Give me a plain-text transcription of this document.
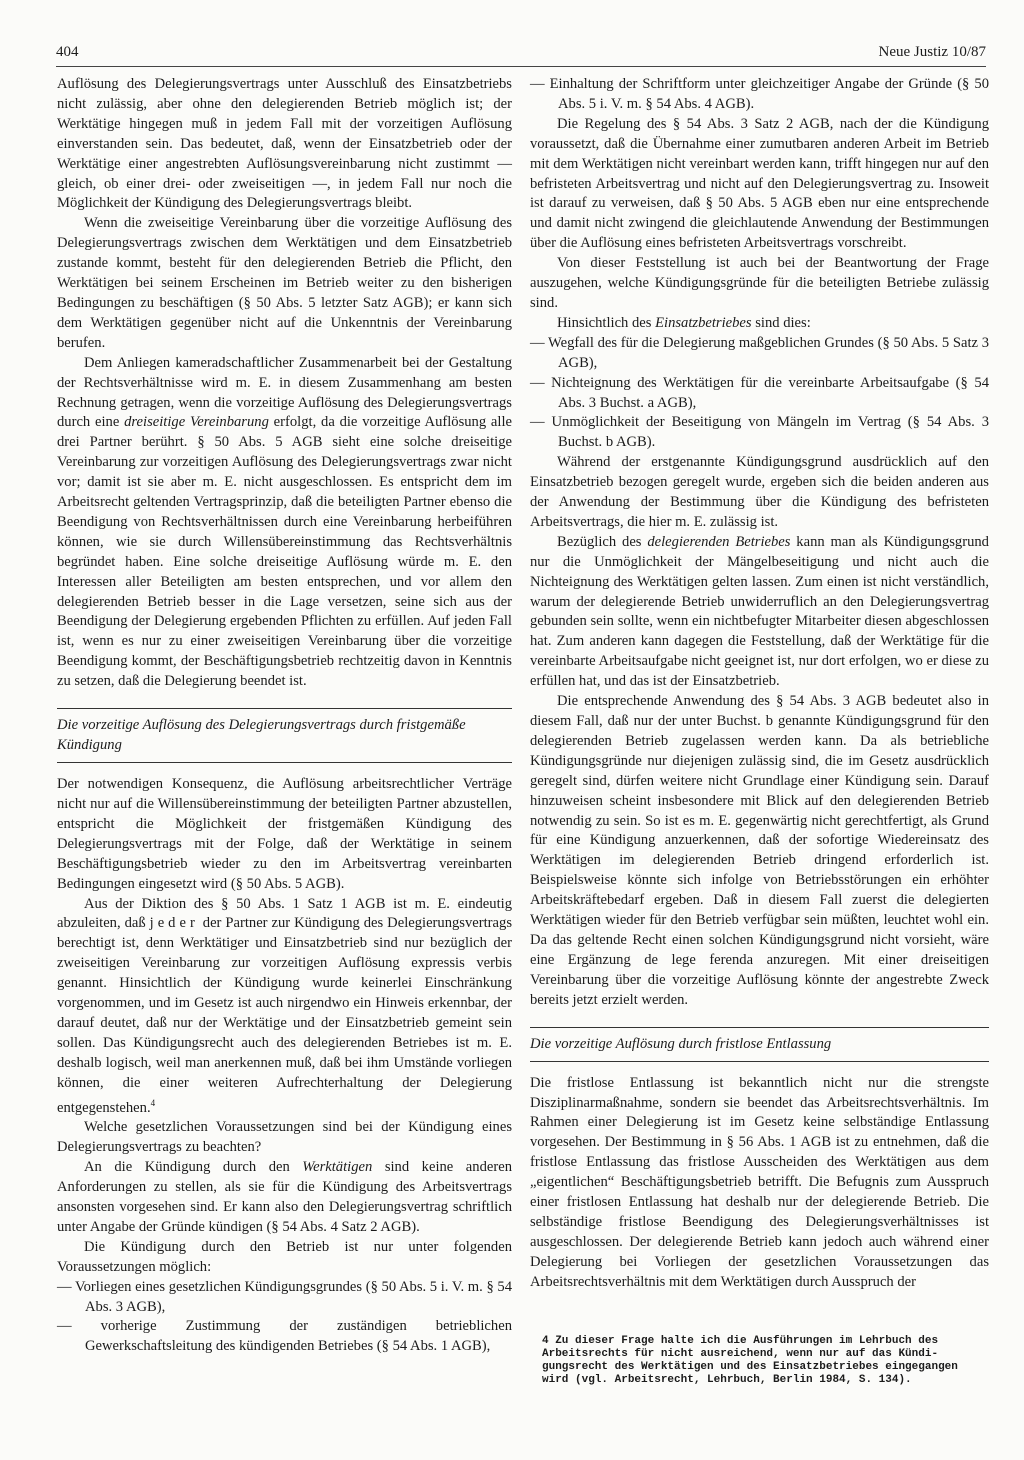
404	Neue Justiz 10/87

Auflösung des Delegierungsvertrags unter Ausschluß des Einsatzbetriebs nicht zulässig, aber ohne den delegierenden Betrieb möglich ist; der Werktätige hingegen muß in jedem Fall mit der vorzeitigen Auflösung einverstanden sein. Das bedeutet, daß, wenn der Einsatzbetrieb oder der Werktätige einer angestrebten Auflösungsvereinbarung nicht zustimmt — gleich, ob einer drei- oder zweiseitigen —, in jedem Fall nur noch die Möglichkeit der Kündigung des Delegierungsvertrags bleibt.

Wenn die zweiseitige Vereinbarung über die vorzeitige Auflösung des Delegierungsvertrags zwischen dem Werktätigen und dem Einsatzbetrieb zustande kommt, besteht für den delegierenden Betrieb die Pflicht, den Werktätigen bei seinem Erscheinen im Betrieb weiter zu den bisherigen Bedingungen zu beschäftigen (§ 50 Abs. 5 letzter Satz AGB); er kann sich dem Werktätigen gegenüber nicht auf die Unkenntnis der Vereinbarung berufen.

Dem Anliegen kameradschaftlicher Zusammenarbeit bei der Gestaltung der Rechtsverhältnisse wird m. E. in diesem Zusammenhang am besten Rechnung getragen, wenn die vorzeitige Auflösung des Delegierungsvertrags durch eine dreiseitige Vereinbarung erfolgt, da die vorzeitige Auflösung alle drei Partner berührt. § 50 Abs. 5 AGB sieht eine solche dreiseitige Vereinbarung zur vorzeitigen Auflösung des Delegierungsvertrags zwar nicht vor; damit ist sie aber m. E. nicht ausgeschlossen. Es entspricht dem im Arbeitsrecht geltenden Vertragsprinzip, daß die beteiligten Partner ebenso die Beendigung von Rechtsverhältnissen durch eine Vereinbarung herbeiführen können, wie sie durch Willensübereinstimmung das Rechtsverhältnis begründet haben. Eine solche dreiseitige Auflösung würde m. E. den Interessen aller Beteiligten am besten entsprechen, und vor allem den delegierenden Betrieb besser in die Lage versetzen, seine sich aus der Beendigung der Delegierung ergebenden Pflichten zu erfüllen. Auf jeden Fall ist, wenn es nur zu einer zweiseitigen Vereinbarung über die vorzeitige Beendigung kommt, der Beschäftigungsbetrieb rechtzeitig davon in Kenntnis zu setzen, daß die Delegierung beendet ist.

Die vorzeitige Auflösung des Delegierungsvertrags durch fristgemäße Kündigung

Der notwendigen Konsequenz, die Auflösung arbeitsrechtlicher Verträge nicht nur auf die Willensübereinstimmung der beteiligten Partner abzustellen, entspricht die Möglichkeit der fristgemäßen Kündigung des Delegierungsvertrags mit der Folge, daß der Werktätige in seinem Beschäftigungsbetrieb wieder zu den im Arbeitsvertrag vereinbarten Bedingungen eingesetzt wird (§ 50 Abs. 5 AGB).

Aus der Diktion des § 50 Abs. 1 Satz 1 AGB ist m. E. eindeutig abzuleiten, daß jeder der Partner zur Kündigung des Delegierungsvertrags berechtigt ist, denn Werktätiger und Einsatzbetrieb sind nur bezüglich der zweiseitigen Vereinbarung zur vorzeitigen Auflösung expressis verbis genannt. Hinsichtlich der Kündigung wurde keinerlei Einschränkung vorgenommen, und im Gesetz ist auch nirgendwo ein Hinweis erkennbar, der darauf deutet, daß nur der Werktätige und der Einsatzbetrieb gemeint sein sollen. Das Kündigungsrecht auch des delegierenden Betriebes ist m. E. deshalb logisch, weil man anerkennen muß, daß bei ihm Umstände vorliegen können, die einer weiteren Aufrechterhaltung der Delegierung entgegenstehen.$^4$

Welche gesetzlichen Voraussetzungen sind bei der Kündigung eines Delegierungsvertrags zu beachten?

An die Kündigung durch den Werktätigen sind keine anderen Anforderungen zu stellen, als sie für die Kündigung des Arbeitsvertrags ansonsten vorgesehen sind. Er kann also den Delegierungsvertrag schriftlich unter Angabe der Gründe kündigen (§ 54 Abs. 4 Satz 2 AGB).

Die Kündigung durch den Betrieb ist nur unter folgenden Voraussetzungen möglich:

— Vorliegen eines gesetzlichen Kündigungsgrundes (§ 50 Abs. 5 i. V. m. § 54 Abs. 3 AGB),

— vorherige Zustimmung der zuständigen betrieblichen Gewerkschaftsleitung des kündigenden Betriebes (§ 54 Abs. 1 AGB),

— Einhaltung der Schriftform unter gleichzeitiger Angabe der Gründe (§ 50 Abs. 5 i. V. m. § 54 Abs. 4 AGB).

Die Regelung des § 54 Abs. 3 Satz 2 AGB, nach der die Kündigung voraussetzt, daß die Übernahme einer zumutbaren anderen Arbeit im Betrieb mit dem Werktätigen nicht vereinbart werden kann, trifft hingegen nur auf den befristeten Arbeitsvertrag und nicht auf den Delegierungsvertrag zu. Insoweit ist darauf zu verweisen, daß § 50 Abs. 5 AGB eben nur eine entsprechende und damit nicht zwingend die gleichlautende Anwendung der Bestimmungen über die Auflösung eines befristeten Arbeitsvertrags vorschreibt.

Von dieser Feststellung ist auch bei der Beantwortung der Frage auszugehen, welche Kündigungsgründe für die beteiligten Betriebe zulässig sind.

Hinsichtlich des Einsatzbetriebes sind dies:

— Wegfall des für die Delegierung maßgeblichen Grundes (§ 50 Abs. 5 Satz 3 AGB),

— Nichteignung des Werktätigen für die vereinbarte Arbeitsaufgabe (§ 54 Abs. 3 Buchst. a AGB),

— Unmöglichkeit der Beseitigung von Mängeln im Vertrag (§ 54 Abs. 3 Buchst. b AGB).

Während der erstgenannte Kündigungsgrund ausdrücklich auf den Einsatzbetrieb bezogen geregelt wurde, ergeben sich die beiden anderen aus der Anwendung der Bestimmung über die Kündigung des befristeten Arbeitsvertrags, die hier m. E. zulässig ist.

Bezüglich des delegierenden Betriebes kann man als Kündigungsgrund nur die Unmöglichkeit der Mängelbeseitigung und nicht auch die Nichteignung des Werktätigen gelten lassen. Zum einen ist nicht verständlich, warum der delegierende Betrieb unwiderruflich an den Delegierungsvertrag gebunden sein sollte, wenn ein nichtbefugter Mitarbeiter diesen abgeschlossen hat. Zum anderen kann dagegen die Feststellung, daß der Werktätige für die vereinbarte Arbeitsaufgabe nicht geeignet ist, nur dort erfolgen, wo er diese zu erfüllen hat, und das ist der Einsatzbetrieb.

Die entsprechende Anwendung des § 54 Abs. 3 AGB bedeutet also in diesem Fall, daß nur der unter Buchst. b genannte Kündigungsgrund für den delegierenden Betrieb zugelassen werden kann. Da als betriebliche Kündigungsgründe nur diejenigen zulässig sind, die im Gesetz ausdrücklich geregelt sind, dürfen weitere nicht Grundlage einer Kündigung sein. Darauf hinzuweisen scheint insbesondere mit Blick auf den delegierenden Betrieb notwendig zu sein. So ist es m. E. gegenwärtig nicht gerechtfertigt, als Grund für eine Kündigung anzuerkennen, daß der sofortige Wiedereinsatz des Werktätigen im delegierenden Betrieb dringend erforderlich ist. Beispielsweise könnte sich infolge von Betriebsstörungen ein erhöhter Arbeitskräftebedarf ergeben. Daß in diesem Fall zuerst die delegierten Werktätigen wieder für den Betrieb verfügbar sein müßten, leuchtet wohl ein. Da das geltende Recht einen solchen Kündigungsgrund nicht vorsieht, wäre eine Ergänzung de lege ferenda anzuregen. Mit einer dreiseitigen Vereinbarung über die vorzeitige Auflösung könnte der angestrebte Zweck bereits jetzt erzielt werden.

Die vorzeitige Auflösung durch fristlose Entlassung

Die fristlose Entlassung ist bekanntlich nicht nur die strengste Disziplinarmaßnahme, sondern sie beendet das Arbeitsrechtsverhältnis. Im Rahmen einer Delegierung ist im Gesetz keine selbständige Entlassung vorgesehen. Der Bestimmung in § 56 Abs. 1 AGB ist zu entnehmen, daß die fristlose Entlassung das fristlose Ausscheiden des Werktätigen aus dem „eigentlichen“ Beschäftigungsbetrieb betrifft. Die Befugnis zum Ausspruch einer fristlosen Entlassung hat deshalb nur der delegierende Betrieb. Die selbständige fristlose Beendigung des Delegierungsverhältnisses ist ausgeschlossen. Der delegierende Betrieb kann jedoch auch während einer Delegierung bei Vorliegen der gesetzlichen Voraussetzungen das Arbeitsrechtsverhältnis mit dem Werktätigen durch Ausspruch der

4 Zu dieser Frage halte ich die Ausführungen im Lehrbuch des

Arbeitsrechts für nicht ausreichend, wenn nur auf das Kündi-

gungsrecht des Werktätigen und des Einsatzbetriebes eingegangen

wird (vgl. Arbeitsrecht, Lehrbuch, Berlin 1984, S. 134).
